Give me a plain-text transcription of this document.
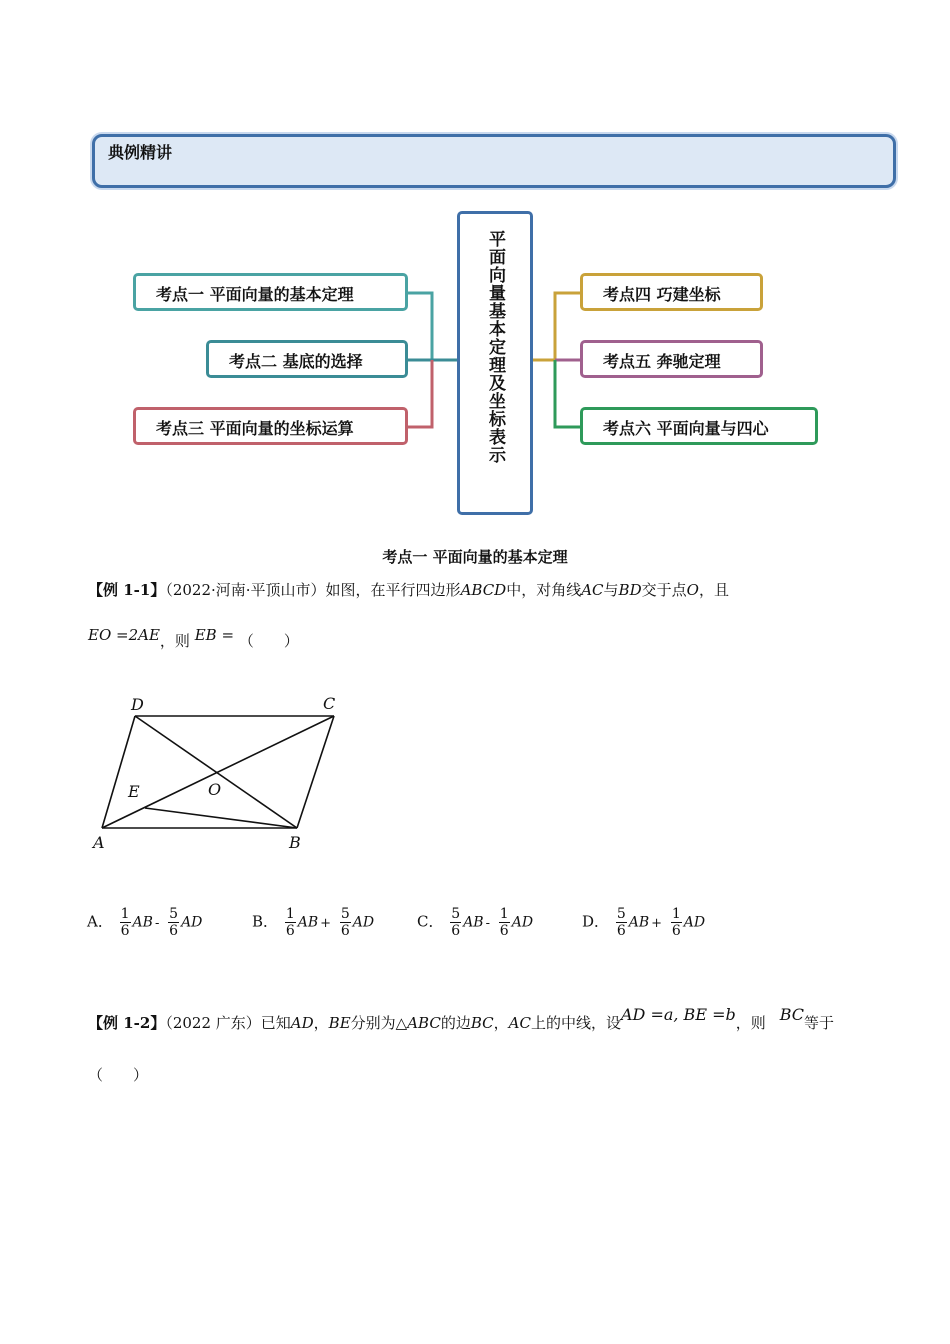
典例精讲
平面向量基本定理及坐标表示
考点一 平面向量的基本定理
考点二 基底的选择
考点三 平面向量的坐标运算
考点四 巧建坐标
考点五 奔驰定理
考点六 平面向量与四心
考点一 平面向量的基本定理
【例 1-1】（2022·河南·平顶山市）如图，在平行四边形ABCD中，对角线AC与BD交于点O，且
EO =2AE，则 EB = （　　）
D	C
E	O
A	B
A． $\frac{1}{6}$ AB - $\frac{5}{6}$ AD	B． $\frac{1}{6}$ AB + $\frac{5}{6}$ AD	C． $\frac{5}{6}$ AB - $\frac{1}{6}$ AD	D． $\frac{5}{6}$ AB + $\frac{1}{6}$ AD
【例 1-2】（2022 广东）已知AD，BE分别为△ABC的边BC，AC上的中线，设AD =a, BE =b，则 BC等于
（　　）
